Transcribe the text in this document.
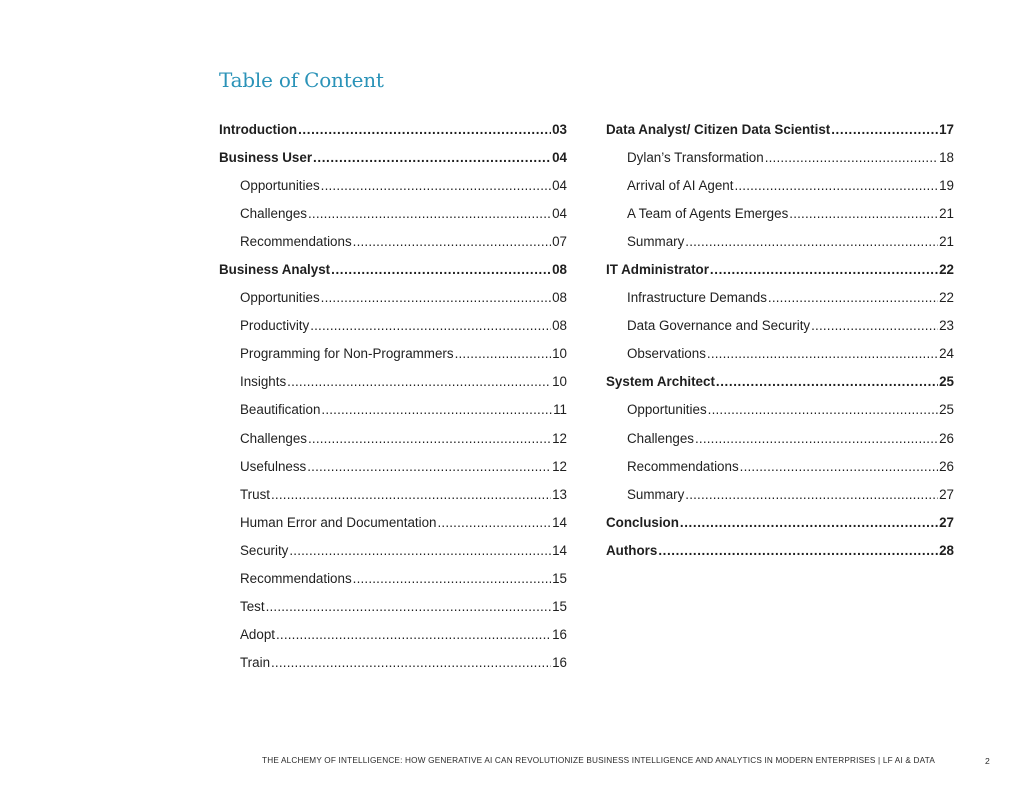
Table of Content
Introduction .....	03
Business User .....	04
Opportunities .....	04
Challenges .....	04
Recommendations .....	07
Business Analyst .....	08
Opportunities .....	08
Productivity .....	08
Programming for Non-Programmers .....	10
Insights .....	10
Beautification .....	11
Challenges .....	12
Usefulness .....	12
Trust .....	13
Human Error and Documentation .....	14
Security .....	14
Recommendations .....	15
Test .....	15
Adopt .....	16
Train .....	16
Data Analyst/ Citizen Data Scientist .....	17
Dylan’s Transformation .....	18
Arrival of AI Agent .....	19
A Team of Agents Emerges .....	21
Summary .....	21
IT Administrator .....	22
Infrastructure Demands .....	22
Data Governance and Security .....	23
Observations .....	24
System Architect .....	25
Opportunities .....	25
Challenges .....	26
Recommendations .....	26
Summary .....	27
Conclusion .....	27
Authors .....	28
THE ALCHEMY OF INTELLIGENCE: HOW GENERATIVE AI CAN REVOLUTIONIZE BUSINESS INTELLIGENCE AND ANALYTICS IN MODERN ENTERPRISES | LF AI & DATA	2
